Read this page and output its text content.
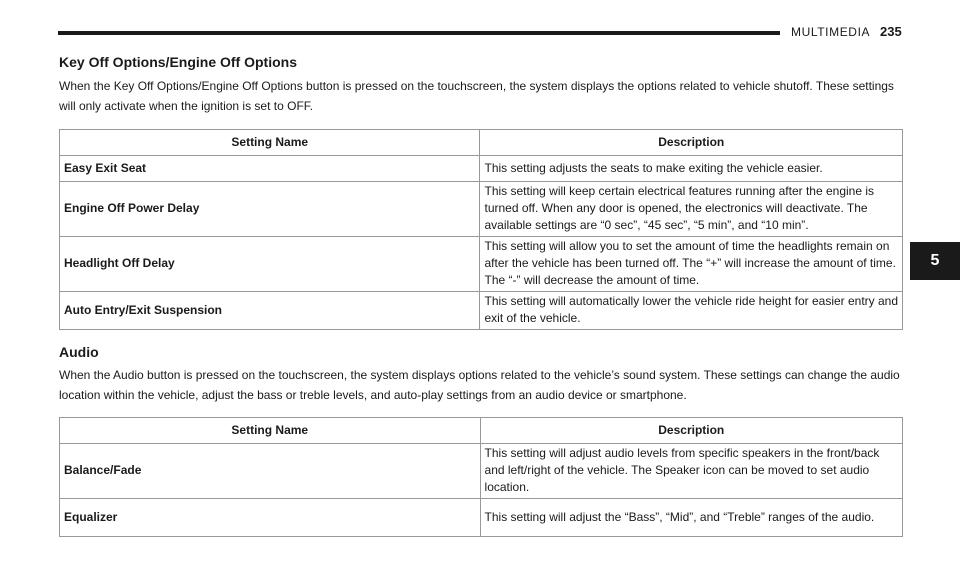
MULTIMEDIA 235
5
Key Off Options/Engine Off Options
When the Key Off Options/Engine Off Options button is pressed on the touchscreen, the system displays the options related to vehicle shutoff. These settings will only activate when the ignition is set to OFF.
Setting Name	Description
Easy Exit Seat	This setting adjusts the seats to make exiting the vehicle easier.
Engine Off Power Delay	This setting will keep certain electrical features running after the engine is turned off. When any door is opened, the electronics will deactivate. The available settings are “0 sec”, “45 sec”, “5 min”, and “10 min”.
Headlight Off Delay	This setting will allow you to set the amount of time the headlights remain on after the vehicle has been turned off. The “+” will increase the amount of time. The “-” will decrease the amount of time.
Auto Entry/Exit Suspension	This setting will automatically lower the vehicle ride height for easier entry and exit of the vehicle.
Audio
When the Audio button is pressed on the touchscreen, the system displays options related to the vehicle’s sound system. These settings can change the audio location within the vehicle, adjust the bass or treble levels, and auto-play settings from an audio device or smartphone.
Setting Name	Description
Balance/Fade	This setting will adjust audio levels from specific speakers in the front/back and left/right of the vehicle. The Speaker icon can be moved to set audio location.
Equalizer	This setting will adjust the “Bass”, “Mid”, and “Treble” ranges of the audio.
